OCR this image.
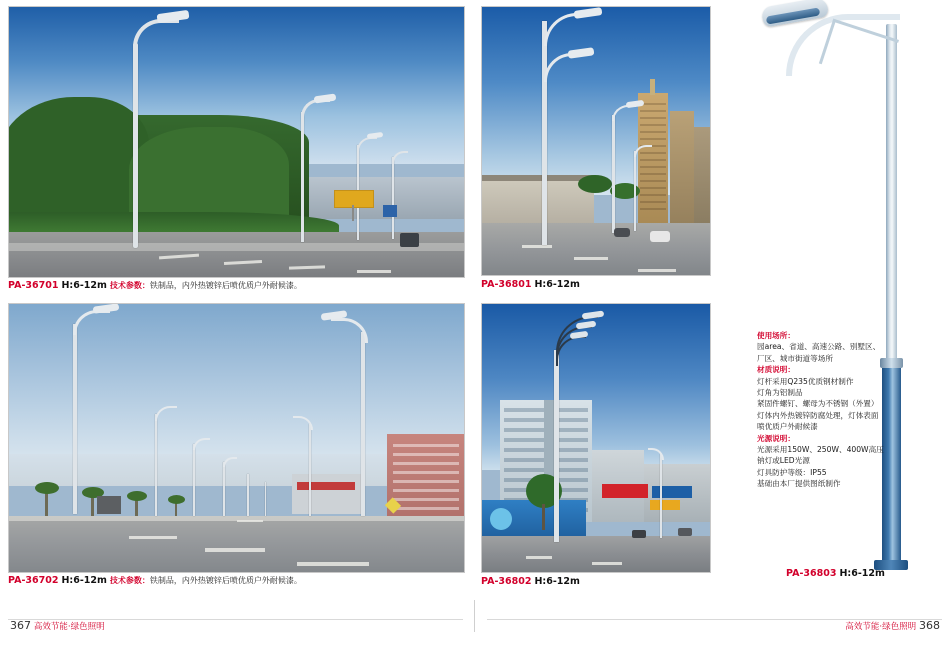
PA-36701 H:6-12m 技术参数：铁制品，内外热镀锌后喷优质户外耐候漆。
PA-36702 H:6-12m 技术参数：铁制品，内外热镀锌后喷优质户外耐候漆。
PA-36801 H:6-12m
PA-36802 H:6-12m
PA-36803 H:6-12m
使用场所：
园area、省道、高速公路、别墅区、
厂区、城市街道等场所
材质说明：
灯杆采用Q235优质钢材制作
灯角为铝制品
紧固件螺钉、螺母为不锈钢（外置）
灯体内外热镀锌防腐处理，灯体表面
喷优质户外耐候漆
光源说明：
光源采用150W、250W、400W高压
钠灯或LED光源
灯具防护等级：IP55
基础由本厂提供图纸制作
367 高效节能·绿色照明	高效节能·绿色照明 368
